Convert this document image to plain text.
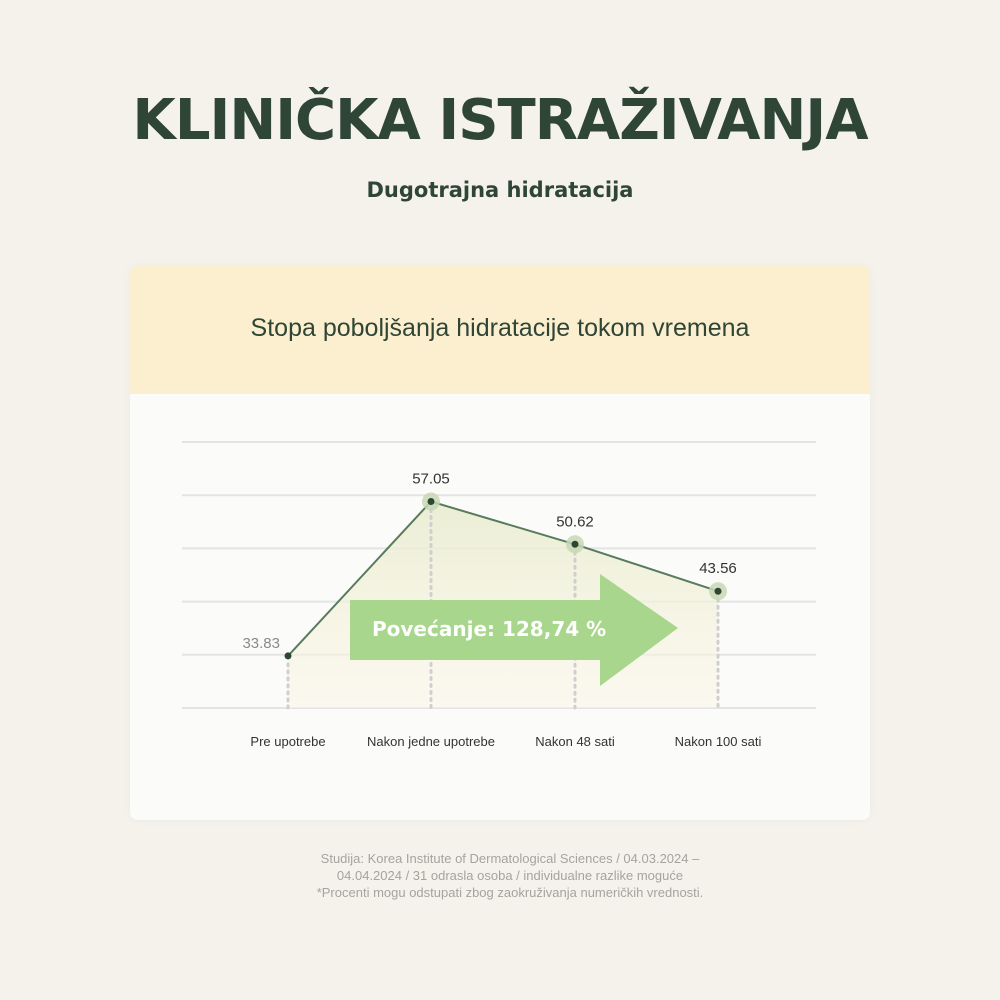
KLINIČKA ISTRAŽIVANJA
Dugotrajna hidratacija
Stopa poboljšanja hidratacije tokom vremena
Povećanje: 128,74 %
33.83
57.05
50.62
43.56
Pre upotrebe	Nakon jedne upotrebe	Nakon 48 sati	Nakon 100 sati
Studija: Korea Institute of Dermatological Sciences / 04.03.2024 –
04.04.2024 / 31 odrasla osoba / individualne razlike moguće
*Procenti mogu odstupati zbog zaokruživanja numeričkih vrednosti.
